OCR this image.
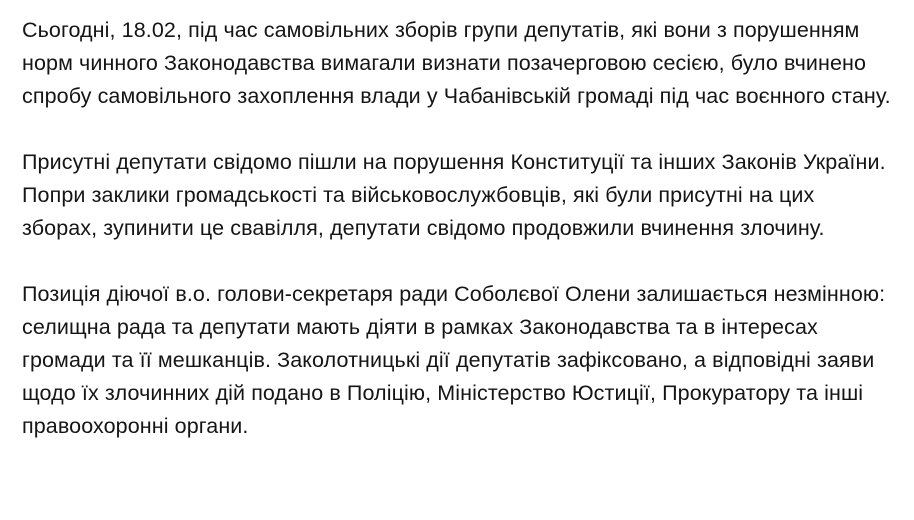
Сьогодні, 18.02, під час самовільних зборів групи депутатів, які вони з порушенням норм чинного Законодавства вимагали визнати позачерговою сесією, було вчинено спробу самовільного захоплення влади у Чабанівській громаді під час воєнного стану.

Присутні депутати свідомо пішли на порушення Конституції та інших Законів України. Попри заклики громадськості та військовослужбовців, які були присутні на цих зборах, зупинити це свавілля, депутати свідомо продовжили вчинення злочину.

Позиція діючої в.о. голови-секретаря ради Соболєвої Олени залишається незмінною: селищна рада та депутати мають діяти в рамках Законодавства та в інтересах громади та її мешканців. Заколотницькі дії депутатів зафіксовано, а відповідні заяви щодо їх злочинних дій подано в Поліцію, Міністерство Юстиції, Прокуратору та інші правоохоронні органи.
